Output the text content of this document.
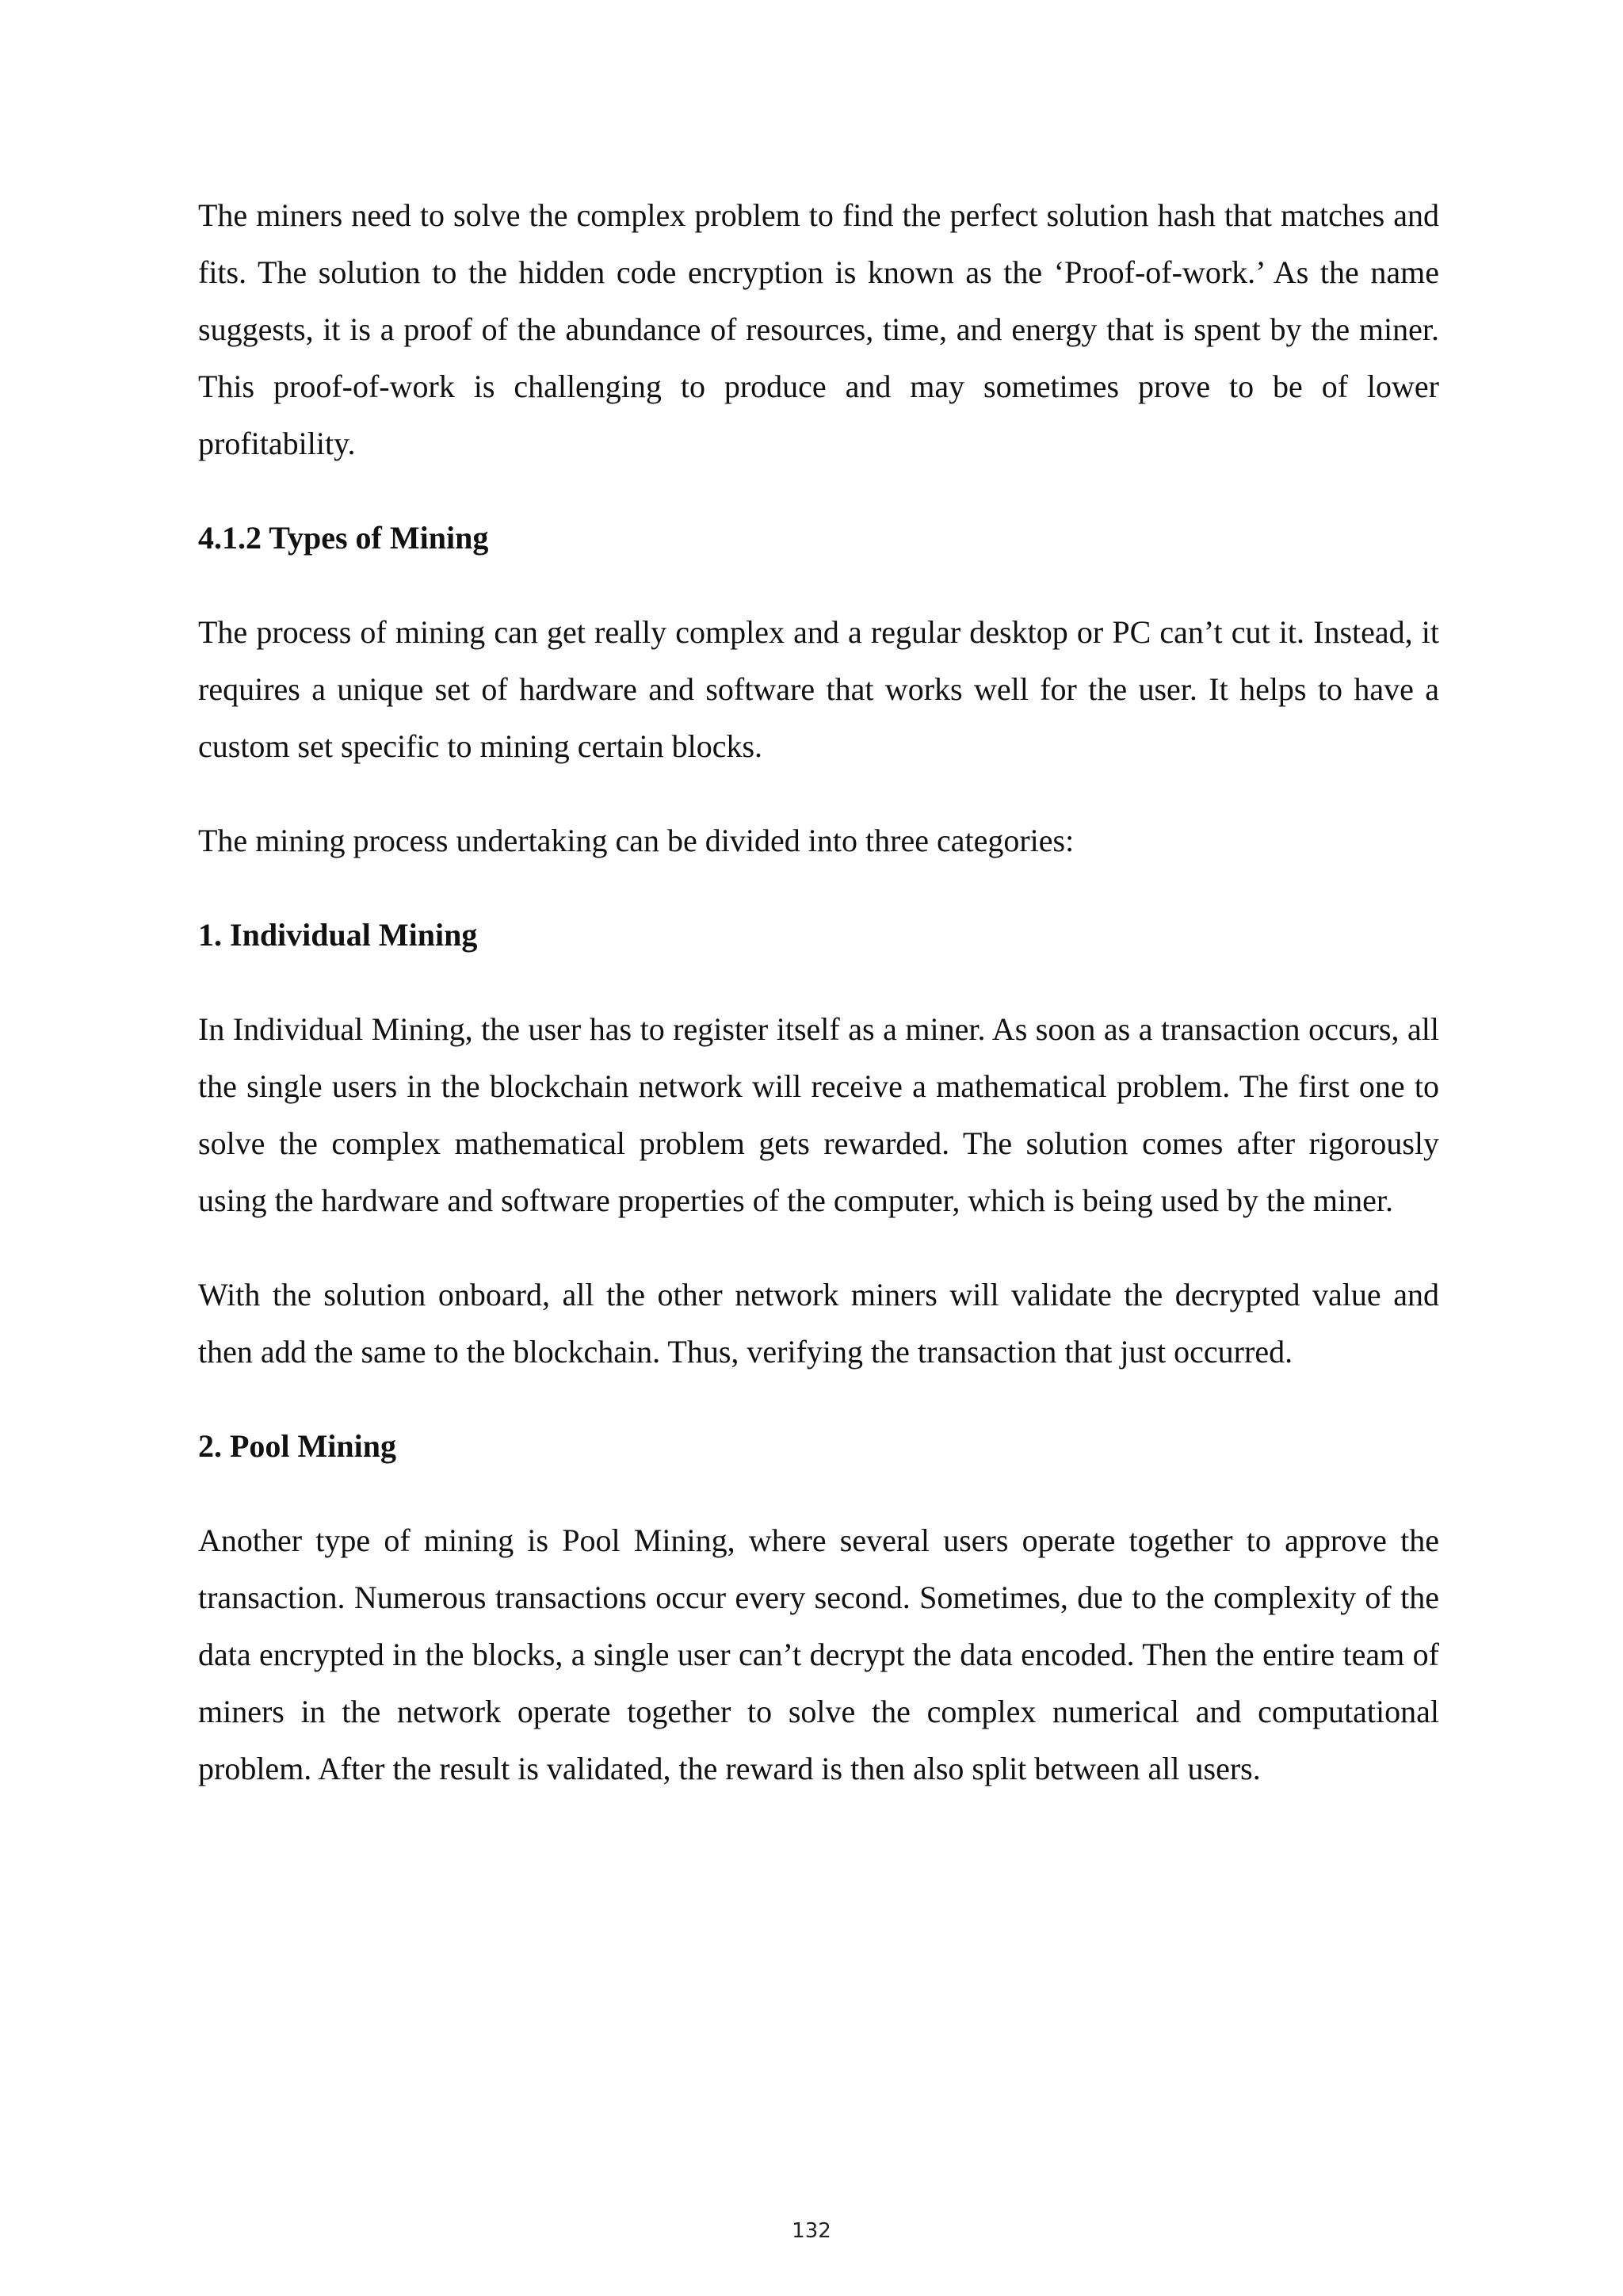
The miners need to solve the complex problem to find the perfect solution hash that matches and fits. The solution to the hidden code encryption is known as the ‘Proof-of-work.’ As the name suggests, it is a proof of the abundance of resources, time, and energy that is spent by the miner. This proof-of-work is challenging to produce and may sometimes prove to be of lower profitability.

4.1.2 Types of Mining

The process of mining can get really complex and a regular desktop or PC can’t cut it. Instead, it requires a unique set of hardware and software that works well for the user. It helps to have a custom set specific to mining certain blocks.

The mining process undertaking can be divided into three categories:

1. Individual Mining

In Individual Mining, the user has to register itself as a miner. As soon as a transaction occurs, all the single users in the blockchain network will receive a mathematical problem. The first one to solve the complex mathematical problem gets rewarded. The solution comes after rigorously using the hardware and software properties of the computer, which is being used by the miner.

With the solution onboard, all the other network miners will validate the decrypted value and then add the same to the blockchain. Thus, verifying the transaction that just occurred.

2. Pool Mining

Another type of mining is Pool Mining, where several users operate together to approve the transaction. Numerous transactions occur every second. Sometimes, due to the complexity of the data encrypted in the blocks, a single user can’t decrypt the data encoded. Then the entire team of miners in the network operate together to solve the complex numerical and computational problem. After the result is validated, the reward is then also split between all users.

132
